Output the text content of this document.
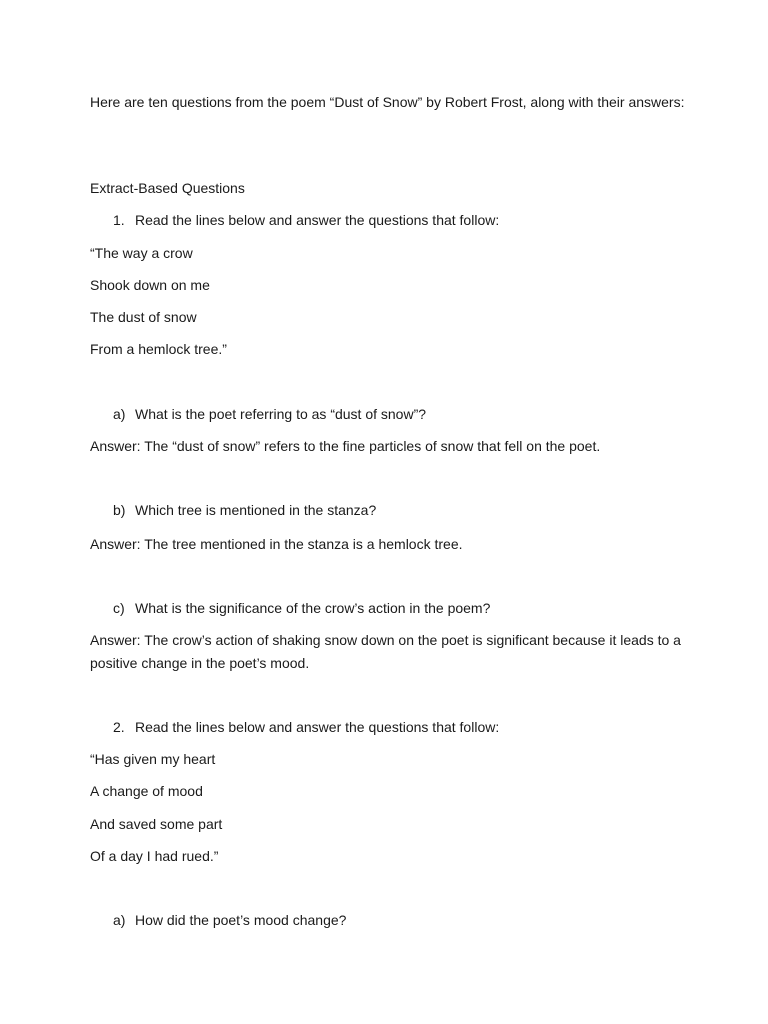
Here are ten questions from the poem “Dust of Snow” by Robert Frost, along with their answers:

Extract-Based Questions

1. Read the lines below and answer the questions that follow:

“The way a crow

Shook down on me

The dust of snow

From a hemlock tree.”

a) What is the poet referring to as “dust of snow”?

Answer: The “dust of snow” refers to the fine particles of snow that fell on the poet.

b) Which tree is mentioned in the stanza?

Answer: The tree mentioned in the stanza is a hemlock tree.

c) What is the significance of the crow’s action in the poem?

Answer: The crow’s action of shaking snow down on the poet is significant because it leads to a positive change in the poet’s mood.

2. Read the lines below and answer the questions that follow:

“Has given my heart

A change of mood

And saved some part

Of a day I had rued.”

a) How did the poet’s mood change?
